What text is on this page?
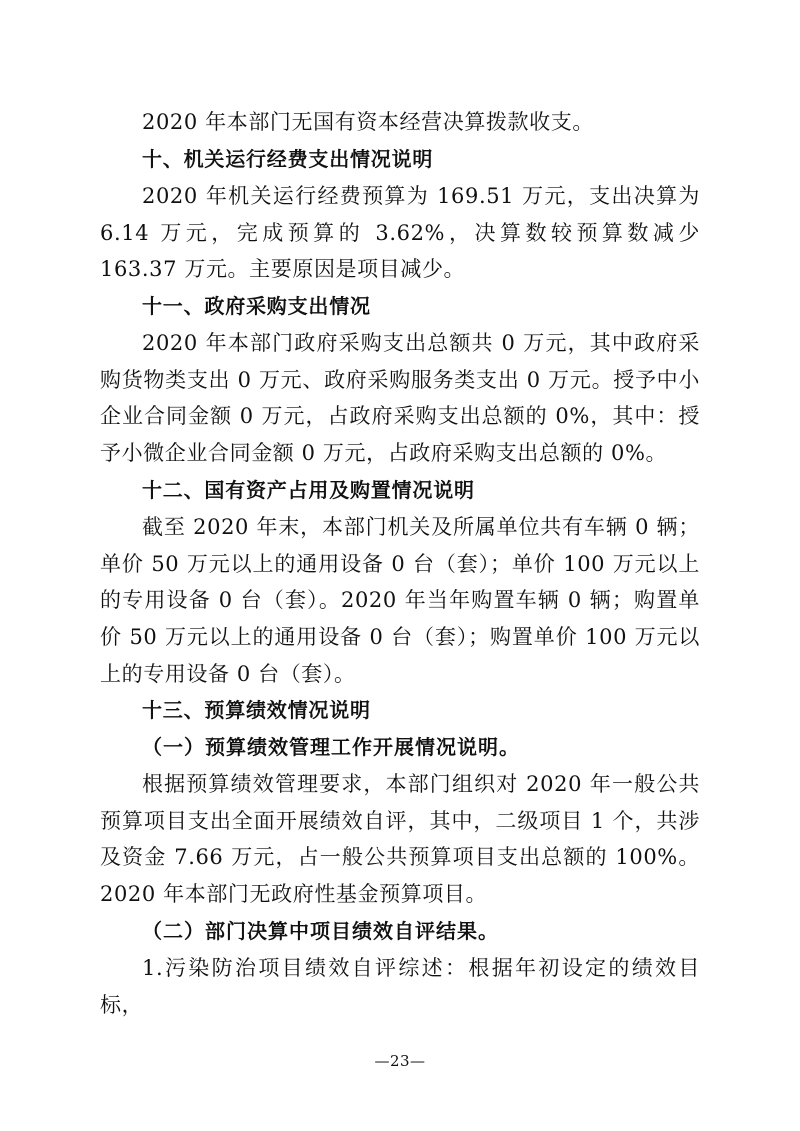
2020 年本部门无国有资本经营决算拨款收支。

十、机关运行经费支出情况说明

2020 年机关运行经费预算为 169.51 万元，支出决算为 6.14 万元，完成预算的 3.62%，决算数较预算数减少 163.37 万元。主要原因是项目减少。

十一、政府采购支出情况

2020 年本部门政府采购支出总额共 0 万元，其中政府采购货物类支出 0 万元、政府采购服务类支出 0 万元。授予中小企业合同金额 0 万元，占政府采购支出总额的 0%，其中：授予小微企业合同金额 0 万元，占政府采购支出总额的 0%。

十二、国有资产占用及购置情况说明

截至 2020 年末，本部门机关及所属单位共有车辆 0 辆；单价 50 万元以上的通用设备 0 台（套）；单价 100 万元以上的专用设备 0 台（套）。2020 年当年购置车辆 0 辆；购置单价 50 万元以上的通用设备 0 台（套）；购置单价 100 万元以上的专用设备 0 台（套）。

十三、预算绩效情况说明

（一）预算绩效管理工作开展情况说明。

根据预算绩效管理要求，本部门组织对 2020 年一般公共预算项目支出全面开展绩效自评，其中，二级项目 1 个，共涉及资金 7.66 万元，占一般公共预算项目支出总额的 100%。2020 年本部门无政府性基金预算项目。

（二）部门决算中项目绩效自评结果。

1.污染防治项目绩效自评综述：根据年初设定的绩效目标，

—23—
